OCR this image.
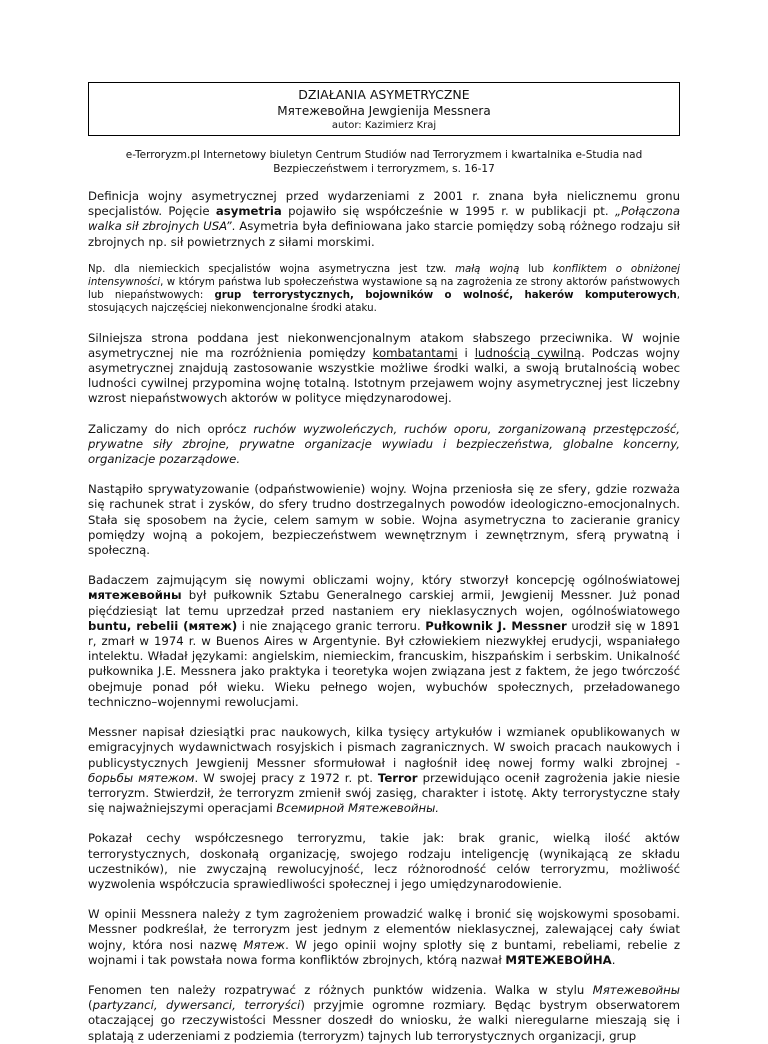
DZIAŁANIA ASYMETRYCZNE
Мятежевойна Jewgienija Messnera
autor: Kazimierz Kraj
e-Terroryzm.pl Internetowy biuletyn Centrum Studiów nad Terroryzmem i kwartalnika e-Studia nad
Bezpieczeństwem i terroryzmem, s. 16-17

Definicja wojny asymetrycznej przed wydarzeniami z 2001 r. znana była nielicznemu gronu specjalistów. Pojęcie asymetria pojawiło się współcześnie w 1995 r. w publikacji pt. „Połączona walka sił zbrojnych USA”. Asymetria była definiowana jako starcie pomiędzy sobą różnego rodzaju sił zbrojnych np. sił powietrznych z siłami morskimi.

Np. dla niemieckich specjalistów wojna asymetryczna jest tzw. małą wojną lub konfliktem o obniżonej intensywności, w którym państwa lub społeczeństwa wystawione są na zagrożenia ze strony aktorów państwowych lub niepaństwowych: grup terrorystycznych, bojowników o wolność, hakerów komputerowych, stosujących najczęściej niekonwencjonalne środki ataku.

Silniejsza strona poddana jest niekonwencjonalnym atakom słabszego przeciwnika. W wojnie asymetrycznej nie ma rozróżnienia pomiędzy kombatantami i ludnością cywilną. Podczas wojny asymetrycznej znajdują zastosowanie wszystkie możliwe środki walki, a swoją brutalnością wobec ludności cywilnej przypomina wojnę totalną. Istotnym przejawem wojny asymetrycznej jest liczebny wzrost niepaństwowych aktorów w polityce międzynarodowej.

Zaliczamy do nich oprócz ruchów wyzwoleńczych, ruchów oporu, zorganizowaną przestępczość, prywatne siły zbrojne, prywatne organizacje wywiadu i bezpieczeństwa, globalne koncerny, organizacje pozarządowe.

Nastąpiło sprywatyzowanie (odpaństwowienie) wojny. Wojna przeniosła się ze sfery, gdzie rozważa się rachunek strat i zysków, do sfery trudno dostrzegalnych powodów ideologiczno-emocjonalnych. Stała się sposobem na życie, celem samym w sobie. Wojna asymetryczna to zacieranie granicy pomiędzy wojną a pokojem, bezpieczeństwem wewnętrznym i zewnętrznym, sferą prywatną i społeczną.

Badaczem zajmującym się nowymi obliczami wojny, który stworzył koncepcję ogólnoświatowej мятежевойны był pułkownik Sztabu Generalnego carskiej armii, Jewgienij Messner. Już ponad pięćdziesiąt lat temu uprzedzał przed nastaniem ery nieklasycznych wojen, ogólnoświatowego buntu, rebelii (мятеж) i nie znającego granic terroru. Pułkownik J. Messner urodził się w 1891 r, zmarł w 1974 r. w Buenos Aires w Argentynie. Był człowiekiem niezwykłej erudycji, wspaniałego intelektu. Władał językami: angielskim, niemieckim, francuskim, hiszpańskim i serbskim. Unikalność pułkownika J.E. Messnera jako praktyka i teoretyka wojen związana jest z faktem, że jego twórczość obejmuje ponad pół wieku. Wieku pełnego wojen, wybuchów społecznych, przeładowanego techniczno–wojennymi rewolucjami.

Messner napisał dziesiątki prac naukowych, kilka tysięcy artykułów i wzmianek opublikowanych w emigracyjnych wydawnictwach rosyjskich i pismach zagranicznych. W swoich pracach naukowych i publicystycznych Jewgienij Messner sformułował i nagłośnił ideę nowej formy walki zbrojnej - борьбы мятежом. W swojej pracy z 1972 r. pt. Terror przewidująco ocenił zagrożenia jakie niesie terroryzm. Stwierdził, że terroryzm zmienił swój zasięg, charakter i istotę. Akty terrorystyczne stały się najważniejszymi operacjami Всемирной Мятежевойны.

Pokazał cechy współczesnego terroryzmu, takie jak: brak granic, wielką ilość aktów terrorystycznych, doskonałą organizację, swojego rodzaju inteligencję (wynikającą ze składu uczestników), nie zwyczajną rewolucyjność, lecz różnorodność celów terroryzmu, możliwość wyzwolenia współczucia sprawiedliwości społecznej i jego umiędzynarodowienie.

W opinii Messnera należy z tym zagrożeniem prowadzić walkę i bronić się wojskowymi sposobami. Messner podkreślał, że terroryzm jest jednym z elementów nieklasycznej, zalewającej cały świat wojny, która nosi nazwę Мятеж. W jego opinii wojny splotły się z buntami, rebeliami, rebelie z wojnami i tak powstała nowa forma konfliktów zbrojnych, którą nazwał МЯТЕЖЕВОЙНА.

Fenomen ten należy rozpatrywać z różnych punktów widzenia. Walka w stylu Мятежевойны (partyzanci, dywersanci, terroryści) przyjmie ogromne rozmiary. Będąc bystrym obserwatorem otaczającej go rzeczywistości Messner doszedł do wniosku, że walki nieregularne mieszają się i splatają z uderzeniami z podziemia (terroryzm) tajnych lub terrorystycznych organizacji, grup
